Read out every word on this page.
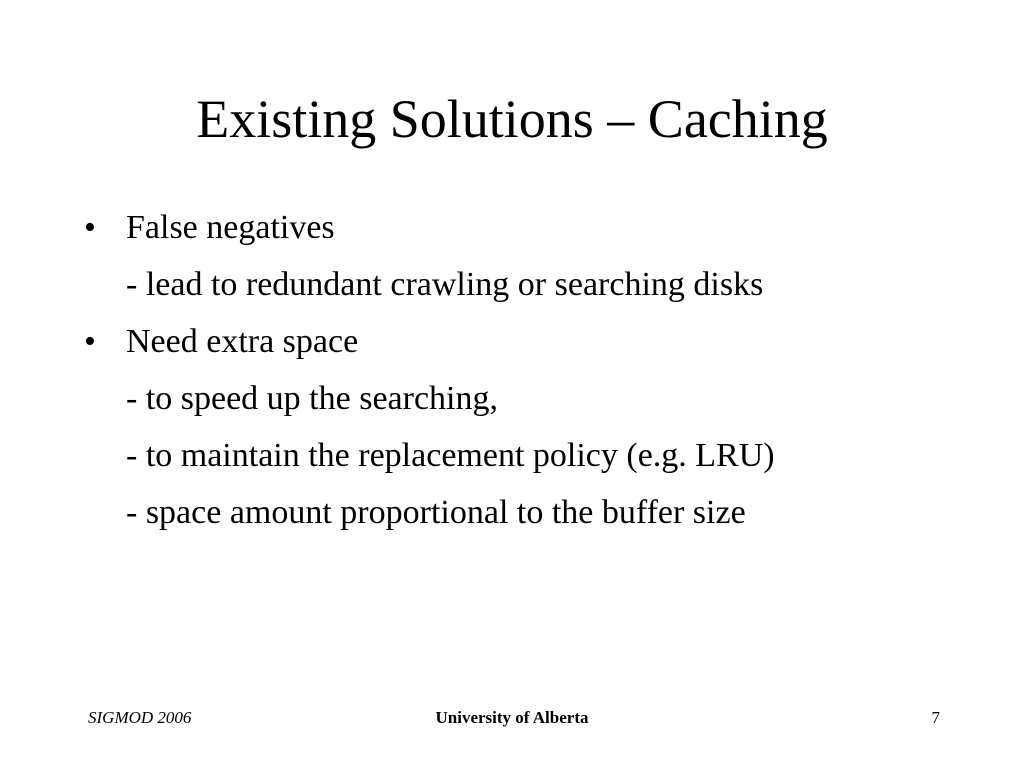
Existing Solutions – Caching
• False negatives
- lead to redundant crawling or searching disks
• Need extra space
- to speed up the searching,
- to maintain the replacement policy (e.g. LRU)
- space amount proportional to the buffer size
SIGMOD 2006	University of Alberta	7
